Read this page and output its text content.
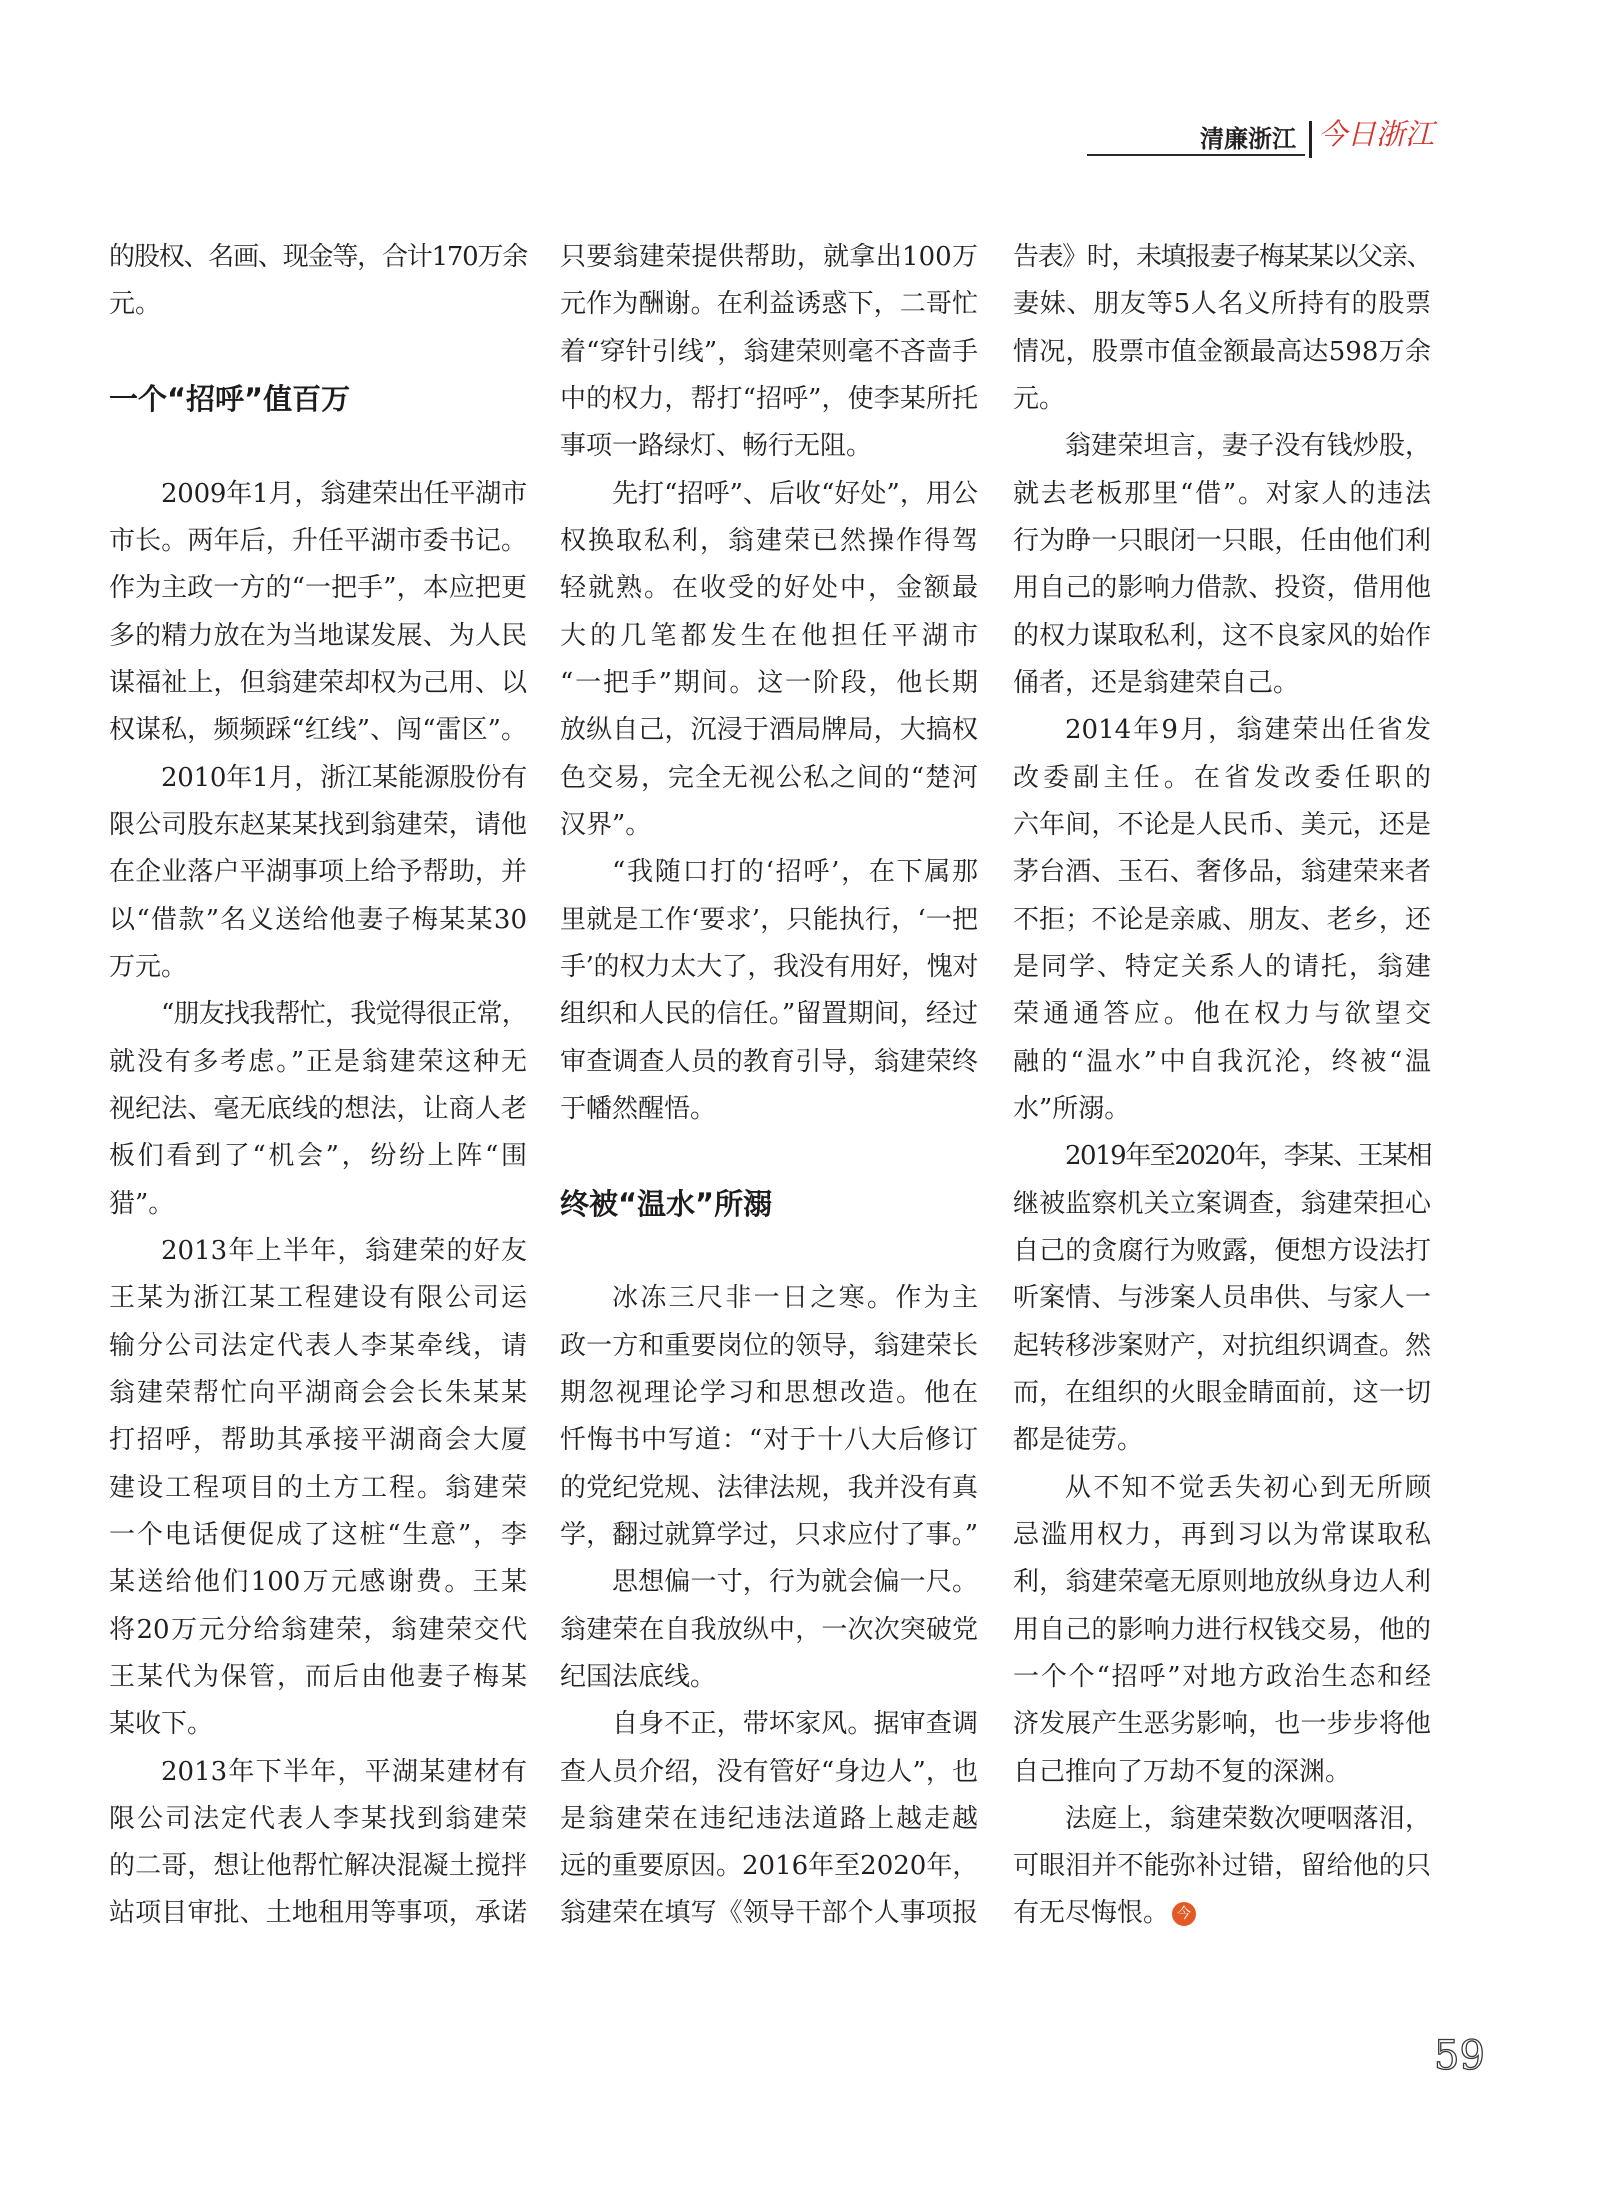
清廉浙江 今日浙江
的股权、名画、现金等，合计170万余
元。
一个“招呼”值百万
2009年1月，翁建荣出任平湖市
市长。两年后，升任平湖市委书记。
作为主政一方的“一把手”，本应把更
多的精力放在为当地谋发展、为人民
谋福祉上，但翁建荣却权为己用、以
权谋私，频频踩“红线”、闯“雷区”。
2010年1月，浙江某能源股份有
限公司股东赵某某找到翁建荣，请他
在企业落户平湖事项上给予帮助，并
以“借款”名义送给他妻子梅某某30
万元。
“朋友找我帮忙，我觉得很正常，
就没有多考虑。”正是翁建荣这种无
视纪法、毫无底线的想法，让商人老
板们看到了“机会”，纷纷上阵“围
猎”。
2013年上半年，翁建荣的好友
王某为浙江某工程建设有限公司运
输分公司法定代表人李某牵线，请
翁建荣帮忙向平湖商会会长朱某某
打招呼，帮助其承接平湖商会大厦
建设工程项目的土方工程。翁建荣
一个电话便促成了这桩“生意”，李
某送给他们100万元感谢费。王某
将20万元分给翁建荣，翁建荣交代
王某代为保管，而后由他妻子梅某
某收下。
2013年下半年，平湖某建材有
限公司法定代表人李某找到翁建荣
的二哥，想让他帮忙解决混凝土搅拌
站项目审批、土地租用等事项，承诺
只要翁建荣提供帮助，就拿出100万
元作为酬谢。在利益诱惑下，二哥忙
着“穿针引线”，翁建荣则毫不吝啬手
中的权力，帮打“招呼”，使李某所托
事项一路绿灯、畅行无阻。
先打“招呼”、后收“好处”，用公
权换取私利，翁建荣已然操作得驾
轻就熟。在收受的好处中，金额最
大的几笔都发生在他担任平湖市
“一把手”期间。这一阶段，他长期
放纵自己，沉浸于酒局牌局，大搞权
色交易，完全无视公私之间的“楚河
汉界”。
“我随口打的‘招呼’，在下属那
里就是工作‘要求’，只能执行，‘一把
手’的权力太大了，我没有用好，愧对
组织和人民的信任。”留置期间，经过
审查调查人员的教育引导，翁建荣终
于幡然醒悟。
终被“温水”所溺
冰冻三尺非一日之寒。作为主
政一方和重要岗位的领导，翁建荣长
期忽视理论学习和思想改造。他在
忏悔书中写道：“对于十八大后修订
的党纪党规、法律法规，我并没有真
学，翻过就算学过，只求应付了事。”
思想偏一寸，行为就会偏一尺。
翁建荣在自我放纵中，一次次突破党
纪国法底线。
自身不正，带坏家风。据审查调
查人员介绍，没有管好“身边人”，也
是翁建荣在违纪违法道路上越走越
远的重要原因。2016年至2020年，
翁建荣在填写《领导干部个人事项报
告表》时，未填报妻子梅某某以父亲、
妻妹、朋友等5人名义所持有的股票
情况，股票市值金额最高达598万余
元。
翁建荣坦言，妻子没有钱炒股，
就去老板那里“借”。对家人的违法
行为睁一只眼闭一只眼，任由他们利
用自己的影响力借款、投资，借用他
的权力谋取私利，这不良家风的始作
俑者，还是翁建荣自己。
2014年9月，翁建荣出任省发
改委副主任。在省发改委任职的
六年间，不论是人民币、美元，还是
茅台酒、玉石、奢侈品，翁建荣来者
不拒；不论是亲戚、朋友、老乡，还
是同学、特定关系人的请托，翁建
荣通通答应。他在权力与欲望交
融的“温水”中自我沉沦，终被“温
水”所溺。
2019年至2020年，李某、王某相
继被监察机关立案调查，翁建荣担心
自己的贪腐行为败露，便想方设法打
听案情、与涉案人员串供、与家人一
起转移涉案财产，对抗组织调查。然
而，在组织的火眼金睛面前，这一切
都是徒劳。
从不知不觉丢失初心到无所顾
忌滥用权力，再到习以为常谋取私
利，翁建荣毫无原则地放纵身边人利
用自己的影响力进行权钱交易，他的
一个个“招呼”对地方政治生态和经
济发展产生恶劣影响，也一步步将他
自己推向了万劫不复的深渊。
法庭上，翁建荣数次哽咽落泪，
可眼泪并不能弥补过错，留给他的只
有无尽悔恨。 今
59
